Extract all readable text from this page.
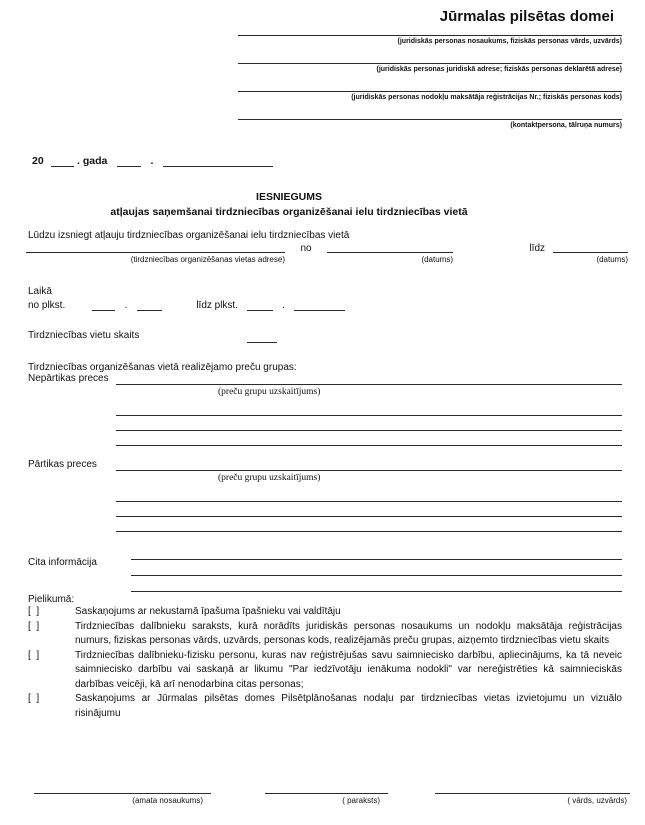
Jūrmalas pilsētas domei
(juridiskās personas nosaukums, fiziskās personas vārds, uzvārds)
(juridiskās personas juridiskā adrese; fiziskās personas deklarētā adrese)
(juridiskās personas nodokļu maksātāja reģistrācijas Nr.; fiziskās personas kods)
(kontaktpersona, tālruņa numurs)
20	. gada	.
IESNIEGUMS
atļaujas saņemšanai tirdzniecības organizēšanai ielu tirdzniecības vietā
Lūdzu izsniegt atļauju tirdzniecības organizēšanai ielu tirdzniecības vietā
(tirdzniecības organizēšanas vietas adrese)
no
(datums)
līdz
(datums)
Laikā
no plkst.	.	līdz plkst.	.
Tirdzniecības vietu skaits
Tirdzniecības organizēšanas vietā realizējamo preču grupas:
Nepārtikas preces
(preču grupu uzskaitījums)
Pārtikas preces
(preču grupu uzskaitījums)
Cita informācija
Pielikumā:
[  ]	Saskaņojums ar nekustamā īpašuma īpašnieku vai valdītāju
[  ]	Tirdzniecības dalībnieku saraksts, kurā norādīts juridiskās personas nosaukums un nodokļu maksātāja reģistrācijas numurs, fiziskas personas vārds, uzvārds, personas kods, realizējamās preču grupas, aizņemto tirdzniecības vietu skaits
[  ]	Tirdzniecības dalībnieku-fizisku personu, kuras nav reģistrējušas savu saimniecisko darbību, apliecinājums, ka tā neveic saimniecisko darbību vai saskaņā ar likumu "Par iedzīvotāju ienākuma nodokli" var nereģistrēties kā saimnieciskās darbības veicēji, kā arī nenodarbina citas personas;
[  ]	Saskaņojums ar Jūrmalas pilsētas domes Pilsētplānošanas nodaļu par tirdzniecības vietas izvietojumu un vizuālo risinājumu
(amata nosaukums)	( paraksts)	( vārds, uzvārds)
